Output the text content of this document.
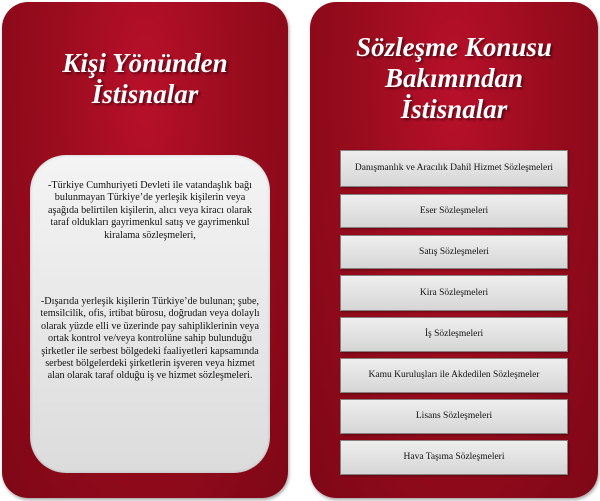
Kişi Yönünden
İstisnalar
-Türkiye Cumhuriyeti Devleti ile vatandaşlık bağı bulunmayan Türkiye’de yerleşik kişilerin veya aşağıda belirtilen kişilerin, alıcı veya kiracı olarak taraf oldukları gayrimenkul satış ve gayrimenkul kiralama sözleşmeleri,
-Dışarıda yerleşik kişilerin Türkiye’de bulunan; şube, temsilcilik, ofis, irtibat bürosu, doğrudan veya dolaylı olarak yüzde elli ve üzerinde pay sahipliklerinin veya ortak kontrol ve/veya kontrolüne sahip bulunduğu şirketler ile serbest bölgedeki faaliyetleri kapsamında serbest bölgelerdeki şirketlerin işveren veya hizmet alan olarak taraf olduğu iş ve hizmet sözleşmeleri.
Sözleşme Konusu
Bakımından
İstisnalar
Danışmanlık ve Aracılık Dahil Hizmet Sözleşmeleri
Eser Sözleşmeleri
Satış Sözleşmeleri
Kira Sözleşmeleri
İş Sözleşmeleri
Kamu Kuruluşları ile Akdedilen Sözleşmeler
Lisans Sözleşmeleri
Hava Taşıma Sözleşmeleri
